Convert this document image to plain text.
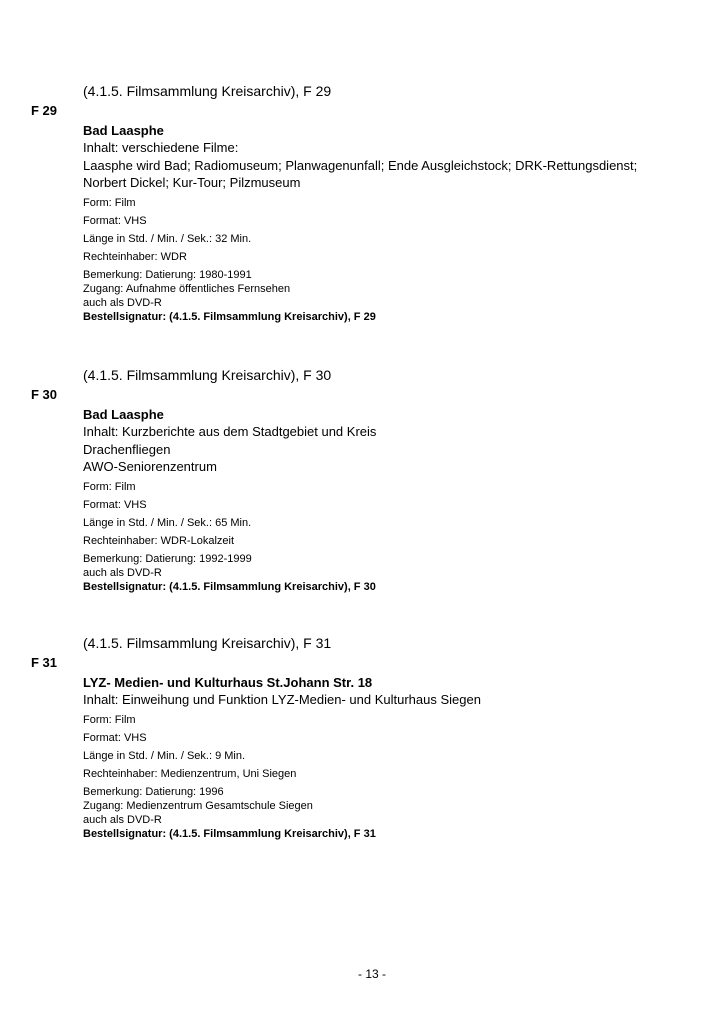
(4.1.5. Filmsammlung Kreisarchiv), F 29
F 29
Bad Laasphe
Inhalt: verschiedene Filme:
Laasphe wird Bad; Radiomuseum; Planwagenunfall; Ende Ausgleichstock; DRK-Rettungsdienst;
Norbert Dickel; Kur-Tour; Pilzmuseum
Form: Film
Format: VHS
Länge in Std. / Min. / Sek.: 32 Min.
Rechteinhaber: WDR
Bemerkung: Datierung: 1980-1991
Zugang: Aufnahme öffentliches Fernsehen
auch als DVD-R
Bestellsignatur: (4.1.5. Filmsammlung Kreisarchiv), F 29
(4.1.5. Filmsammlung Kreisarchiv), F 30
F 30
Bad Laasphe
Inhalt: Kurzberichte aus dem Stadtgebiet und Kreis
Drachenfliegen
AWO-Seniorenzentrum
Form: Film
Format: VHS
Länge in Std. / Min. / Sek.: 65 Min.
Rechteinhaber: WDR-Lokalzeit
Bemerkung: Datierung: 1992-1999
auch als DVD-R
Bestellsignatur: (4.1.5. Filmsammlung Kreisarchiv), F 30
(4.1.5. Filmsammlung Kreisarchiv), F 31
F 31
LYZ- Medien- und Kulturhaus St.Johann Str. 18
Inhalt: Einweihung und Funktion LYZ-Medien- und Kulturhaus Siegen
Form: Film
Format: VHS
Länge in Std. / Min. / Sek.: 9 Min.
Rechteinhaber: Medienzentrum, Uni Siegen
Bemerkung: Datierung: 1996
Zugang: Medienzentrum Gesamtschule Siegen
auch als DVD-R
Bestellsignatur: (4.1.5. Filmsammlung Kreisarchiv), F 31
- 13 -
